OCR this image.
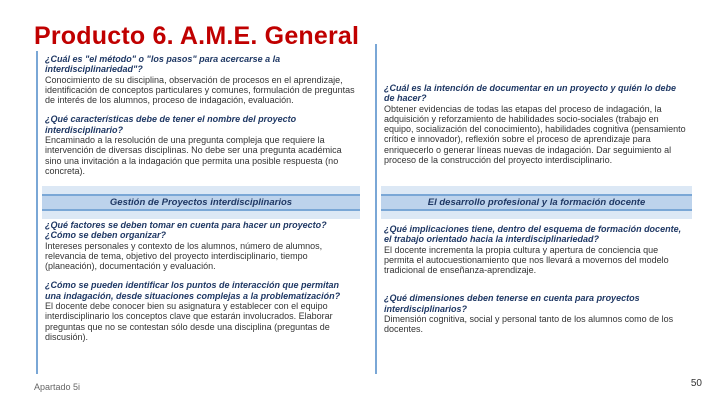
¿Cuál es "el método" o "los pasos" para acercarse a la interdisciplinariedad"?

Conocimiento de su disciplina, observación de procesos en el aprendizaje, identificación de conceptos particulares y comunes, formulación de preguntas de interés de los alumnos, proceso de indagación, evaluación.

¿Qué características debe de tener el nombre del proyecto interdisciplinario?

Encaminado a la resolución de una pregunta compleja que requiere la intervención de diversas disciplinas. No debe ser una pregunta académica sino una invitación a la indagación que permita una posible respuesta (no concreta).

Gestión de Proyectos interdisciplinarios

¿Qué factores se deben tomar en cuenta para hacer un proyecto? ¿Cómo se deben organizar?

Intereses personales y contexto de los alumnos, número de alumnos, relevancia de tema, objetivo del proyecto interdisciplinario, tiempo (planeación), documentación y evaluación.

¿Cómo se pueden identificar los puntos de interacción que permitan una indagación, desde situaciones complejas a la problematización?

El docente debe conocer bien su asignatura y establecer con el equipo interdisciplinario los conceptos clave que estarán involucrados. Elaborar preguntas que no se contestan sólo desde una disciplina (preguntas de discusión).

¿Cuál es la intención de documentar en un proyecto y quién lo debe de hacer?

Obtener evidencias de todas las etapas del proceso de indagación, la adquisición y reforzamiento de habilidades socio-sociales (trabajo en equipo, socialización del conocimiento), habilidades cognitiva (pensamiento crítico e innovador), reflexión sobre el proceso de aprendizaje para enriquecerlo o generar líneas nuevas de indagación. Dar seguimiento al proceso de la construcción del proyecto interdisciplinario.

El desarrollo profesional y la formación docente

¿Qué implicaciones tiene, dentro del esquema de formación docente, el trabajo orientado hacia la interdisciplinariedad?

El docente incrementa la propia cultura y apertura de conciencia que permita el autocuestionamiento que nos llevará a movernos del modelo tradicional de enseñanza-aprendizaje.

¿Qué dimensiones deben tenerse en cuenta para proyectos interdisciplinarios?

Dimensión cognitiva, social y personal tanto de los alumnos como de los docentes.

Producto 6. A.M.E. General
Apartado 5i	50
